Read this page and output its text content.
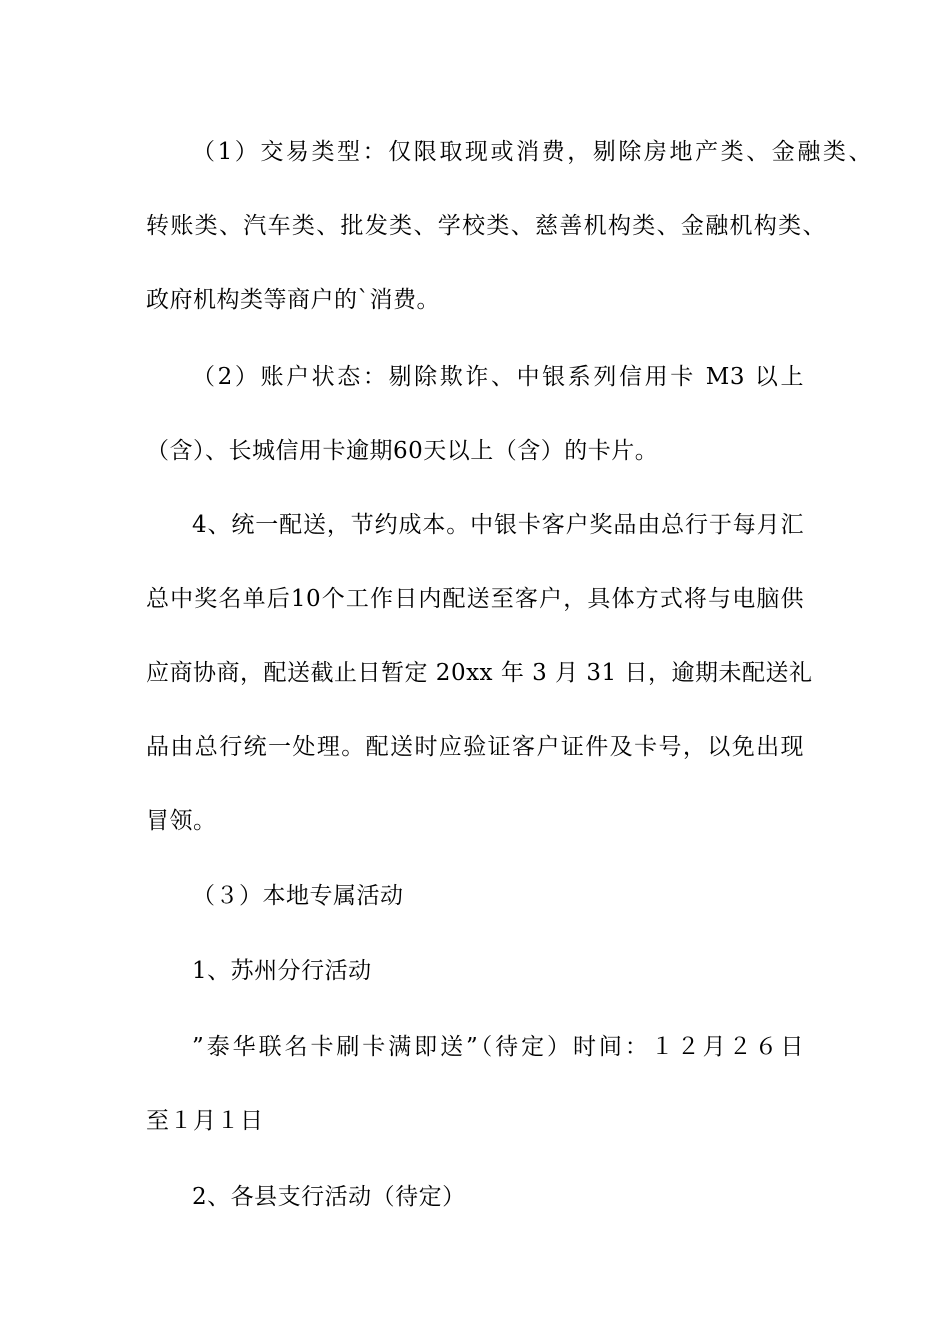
（1）交易类型：仅限取现或消费，剔除房地产类、金融类、
转账类、汽车类、批发类、学校类、慈善机构类、金融机构类、
政府机构类等商户的`消费。
（2）账户状态：剔除欺诈、中银系列信用卡 M3 以上
（含）、长城信用卡逾期60天以上（含）的卡片。
4、统一配送，节约成本。中银卡客户奖品由总行于每月汇
总中奖名单后10个工作日内配送至客户，具体方式将与电脑供
应商协商，配送截止日暂定 20xx 年 3 月 31 日，逾期未配送礼
品由总行统一处理。配送时应验证客户证件及卡号，以免出现
冒领。
（３）本地专属活动
1、苏州分行活动
”泰华联名卡刷卡满即送”（待定）时间：１２月２６日
至１月１日
2、各县支行活动（待定）
